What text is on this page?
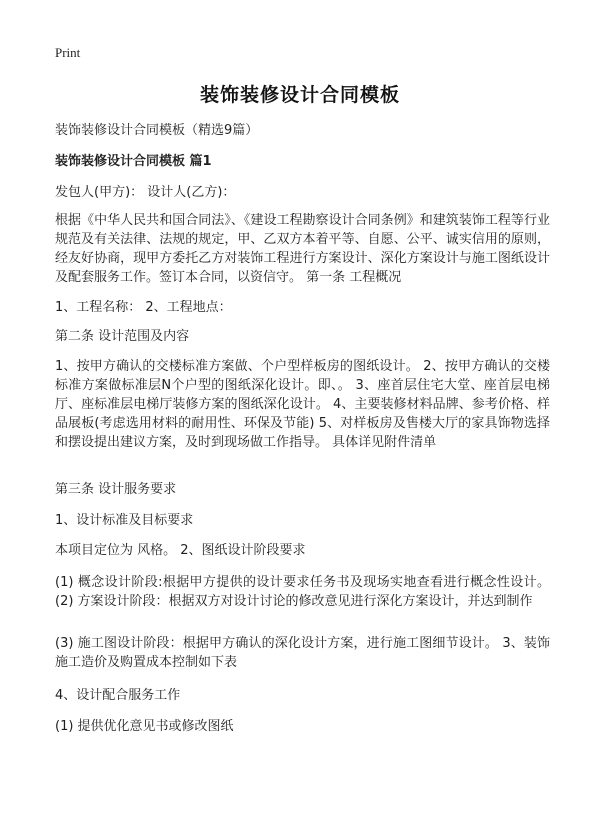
Print
装饰装修设计合同模板
装饰装修设计合同模板（精选9篇）
装饰装修设计合同模板 篇1
发包人(甲方)： 设计人(乙方)：
根据《中华人民共和国合同法》、《建设工程勘察设计合同条例》和建筑装饰工程等行业规范及有关法律、法规的规定，甲、乙双方本着平等、自愿、公平、诚实信用的原则，经友好协商，现甲方委托乙方对装饰工程进行方案设计、深化方案设计与施工图纸设计及配套服务工作。签订本合同，以资信守。 第一条 工程概况
1、工程名称： 2、工程地点：
第二条 设计范围及内容
1、按甲方确认的交楼标准方案做、个户型样板房的图纸设计。 2、按甲方确认的交楼标准方案做标准层N个户型的图纸深化设计。即、。 3、座首层住宅大堂、座首层电梯厅、座标准层电梯厅装修方案的图纸深化设计。 4、主要装修材料品牌、参考价格、样品展板(考虑选用材料的耐用性、环保及节能) 5、对样板房及售楼大厅的家具饰物选择和摆设提出建议方案，及时到现场做工作指导。 具体详见附件清单
第三条 设计服务要求
1、设计标准及目标要求
本项目定位为 风格。 2、图纸设计阶段要求
(1) 概念设计阶段:根据甲方提供的设计要求任务书及现场实地查看进行概念性设计。 (2) 方案设计阶段：根据双方对设计讨论的修改意见进行深化方案设计，并达到制作
(3) 施工图设计阶段：根据甲方确认的深化设计方案，进行施工图细节设计。 3、装饰施工造价及购置成本控制如下表
4、设计配合服务工作
(1) 提供优化意见书或修改图纸
